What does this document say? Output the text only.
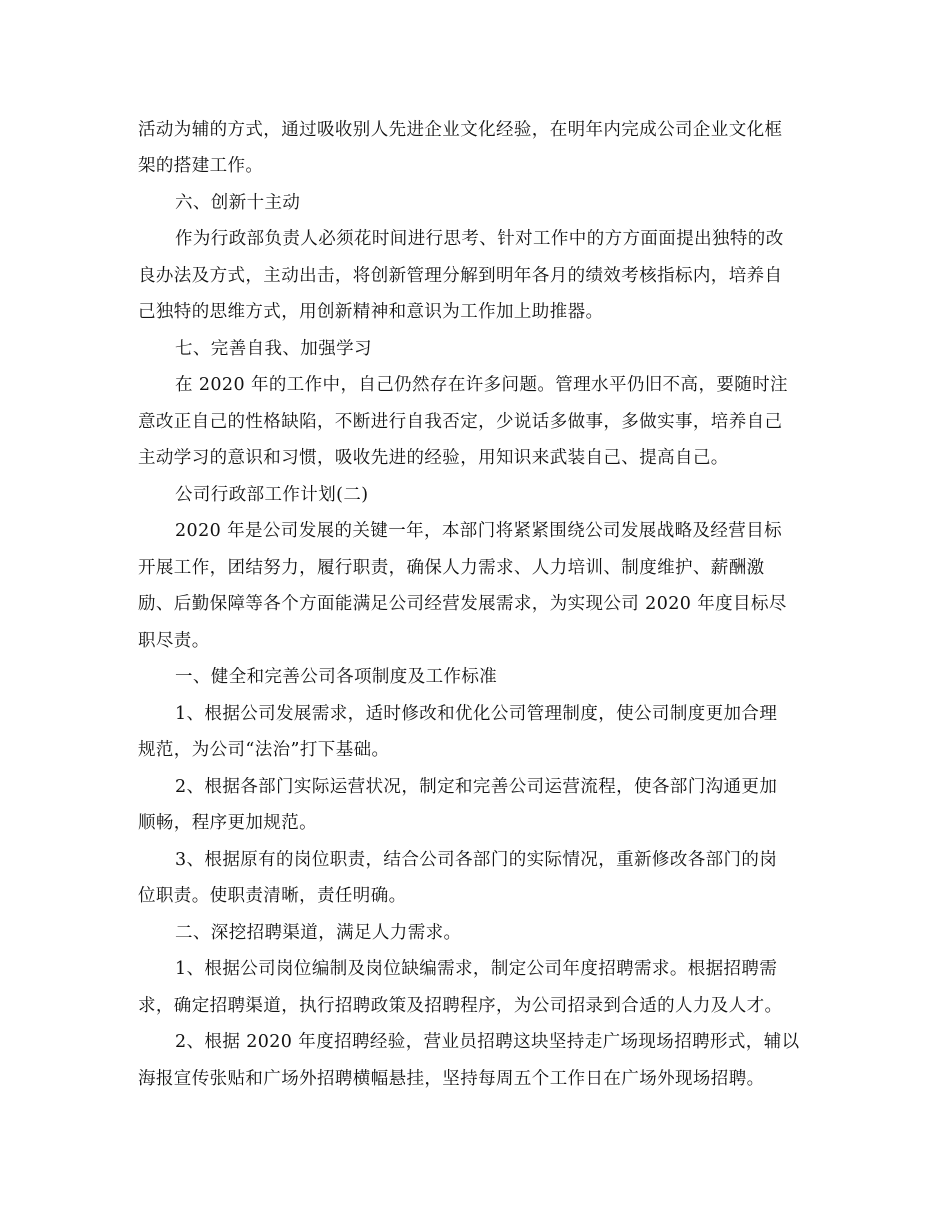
活动为辅的方式，通过吸收别人先进企业文化经验，在明年内完成公司企业文化框
架的搭建工作。
六、创新十主动
作为行政部负责人必须花时间进行思考、针对工作中的方方面面提出独特的改
良办法及方式，主动出击，将创新管理分解到明年各月的绩效考核指标内，培养自
己独特的思维方式，用创新精神和意识为工作加上助推器。
七、完善自我、加强学习
在 2020 年的工作中，自己仍然存在许多问题。管理水平仍旧不高，要随时注
意改正自己的性格缺陷，不断进行自我否定，少说话多做事，多做实事，培养自己
主动学习的意识和习惯，吸收先进的经验，用知识来武装自己、提高自己。
公司行政部工作计划(二)
2020 年是公司发展的关键一年，本部门将紧紧围绕公司发展战略及经营目标
开展工作，团结努力，履行职责，确保人力需求、人力培训、制度维护、薪酬激
励、后勤保障等各个方面能满足公司经营发展需求，为实现公司 2020 年度目标尽
职尽责。
一、健全和完善公司各项制度及工作标准
1、根据公司发展需求，适时修改和优化公司管理制度，使公司制度更加合理
规范，为公司“法治”打下基础。
2、根据各部门实际运营状况，制定和完善公司运营流程，使各部门沟通更加
顺畅，程序更加规范。
3、根据原有的岗位职责，结合公司各部门的实际情况，重新修改各部门的岗
位职责。使职责清晰，责任明确。
二、深挖招聘渠道，满足人力需求。
1、根据公司岗位编制及岗位缺编需求，制定公司年度招聘需求。根据招聘需
求，确定招聘渠道，执行招聘政策及招聘程序，为公司招录到合适的人力及人才。
2、根据 2020 年度招聘经验，营业员招聘这块坚持走广场现场招聘形式，辅以
海报宣传张贴和广场外招聘横幅悬挂，坚持每周五个工作日在广场外现场招聘。
